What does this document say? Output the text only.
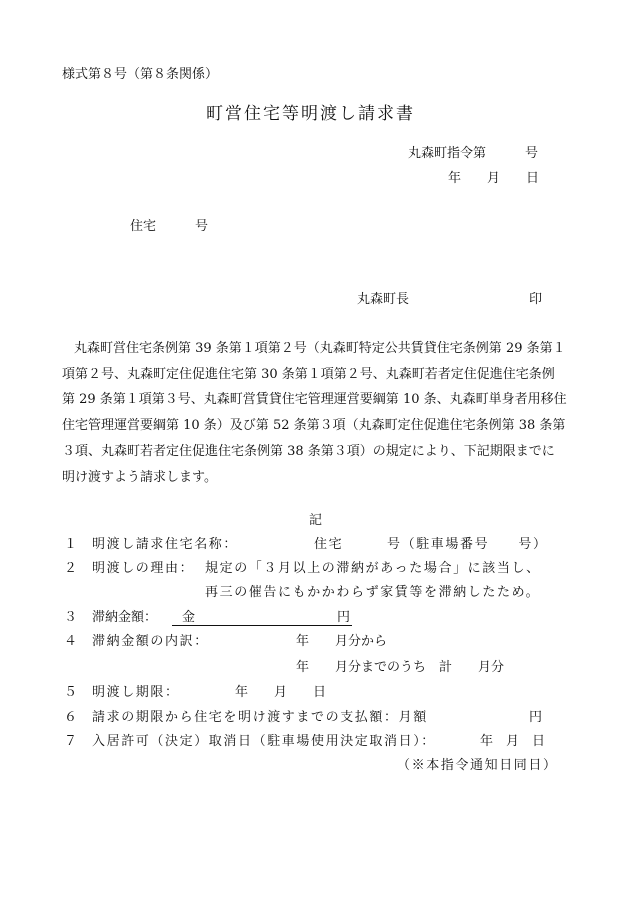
様式第８号（第８条関係）
町営住宅等明渡し請求書
丸森町指令第　　　号
年　　月　　日
住宅　　　号
丸森町長	印
丸森町営住宅条例第 39 条第１項第２号（丸森町特定公共賃貸住宅条例第 29 条第１
項第２号、丸森町定住促進住宅第 30 条第１項第２号、丸森町若者定住促進住宅条例
第 29 条第１項第３号、丸森町営賃貸住宅管理運営要綱第 10 条、丸森町単身者用移住
住宅管理運営要綱第 10 条）及び第 52 条第３項（丸森町定住促進住宅条例第 38 条第
３項、丸森町若者定住促進住宅条例第 38 条第３項）の規定により、下記期限までに
明け渡すよう請求します。
記
１ 明渡し請求住宅名称：	住宅　　　号（駐車場番号　　号）
２ 明渡しの理由： 規定の「３月以上の滞納があった場合」に該当し、
再三の催告にもかかわらず家賃等を滞納したため。
３ 滞納金額： 金	円
４ 滞納金額の内訳：	年　　月分から
年　　月分までのうち　計　　月分
５ 明渡し期限：	年　　月　　日
６ 請求の期限から住宅を明け渡すまでの支払額：月額	円
７ 入居許可（決定）取消日（駐車場使用決定取消日）：	年　月　日
（※本指令通知日同日）
